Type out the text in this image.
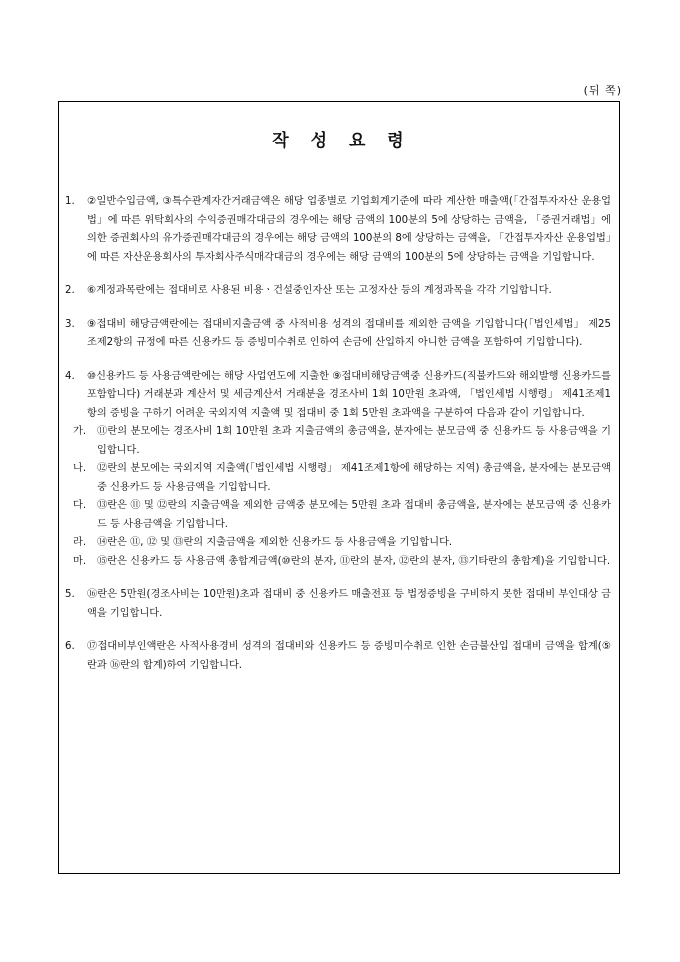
(뒤 쪽)
작 성 요 령
1. ②일반수입금액, ③특수관계자간거래금액은 해당 업종별로 기업회계기준에 따라 계산한 매출액(「간접투자자산 운용업법」에 따른 위탁회사의 수익증권매각대금의 경우에는 해당 금액의 100분의 5에 상당하는 금액을, 「증권거래법」에 의한 증권회사의 유가증권매각대금의 경우에는 해당 금액의 100분의 8에 상당하는 금액을, 「간접투자자산 운용업법」에 따른 자산운용회사의 투자회사주식매각대금의 경우에는 해당 금액의 100분의 5에 상당하는 금액을 기입합니다.
2. ⑥계정과목란에는 접대비로 사용된 비용ㆍ건설중인자산 또는 고정자산 등의 계정과목을 각각 기입합니다.
3. ⑨접대비 해당금액란에는 접대비지출금액 중 사적비용 성격의 접대비를 제외한 금액을 기입합니다(「법인세법」 제25조제2항의 규정에 따른 신용카드 등 증빙미수취로 인하여 손금에 산입하지 아니한 금액을 포함하여 기입합니다).
4. ⑩신용카드 등 사용금액란에는 해당 사업연도에 지출한 ⑨접대비해당금액중 신용카드(직불카드와 해외발행 신용카드를 포함합니다) 거래분과 계산서 및 세금계산서 거래분을 경조사비 1회 10만원 초과액, 「법인세법 시행령」 제41조제1항의 증빙을 구하기 어려운 국외지역 지출액 및 접대비 중 1회 5만원 초과액을 구분하여 다음과 같이 기입합니다.
가. ⑪란의 분모에는 경조사비 1회 10만원 초과 지출금액의 총금액을, 분자에는 분모금액 중 신용카드 등 사용금액을 기입합니다.
나. ⑫란의 분모에는 국외지역 지출액(「법인세법 시행령」 제41조제1항에 해당하는 지역) 총금액을, 분자에는 분모금액 중 신용카드 등 사용금액을 기입합니다.
다. ⑬란은 ⑪ 및 ⑫란의 지출금액을 제외한 금액중 분모에는 5만원 초과 접대비 총금액을, 분자에는 분모금액 중 신용카드 등 사용금액을 기입합니다.
라. ⑭란은 ⑪, ⑫ 및 ⑬란의 지출금액을 제외한 신용카드 등 사용금액을 기입합니다.
마. ⑮란은 신용카드 등 사용금액 총합계금액(⑩란의 분자, ⑪란의 분자, ⑫란의 분자, ⑬기타란의 총합계)을 기입합니다.
5. ⑯란은 5만원(경조사비는 10만원)초과 접대비 중 신용카드 매출전표 등 법정증빙을 구비하지 못한 접대비 부인대상 금액을 기입합니다.
6. ⑰접대비부인액란은 사적사용경비 성격의 접대비와 신용카드 등 증빙미수취로 인한 손금불산입 접대비 금액을 합계(⑤란과 ⑯란의 합계)하여 기입합니다.
